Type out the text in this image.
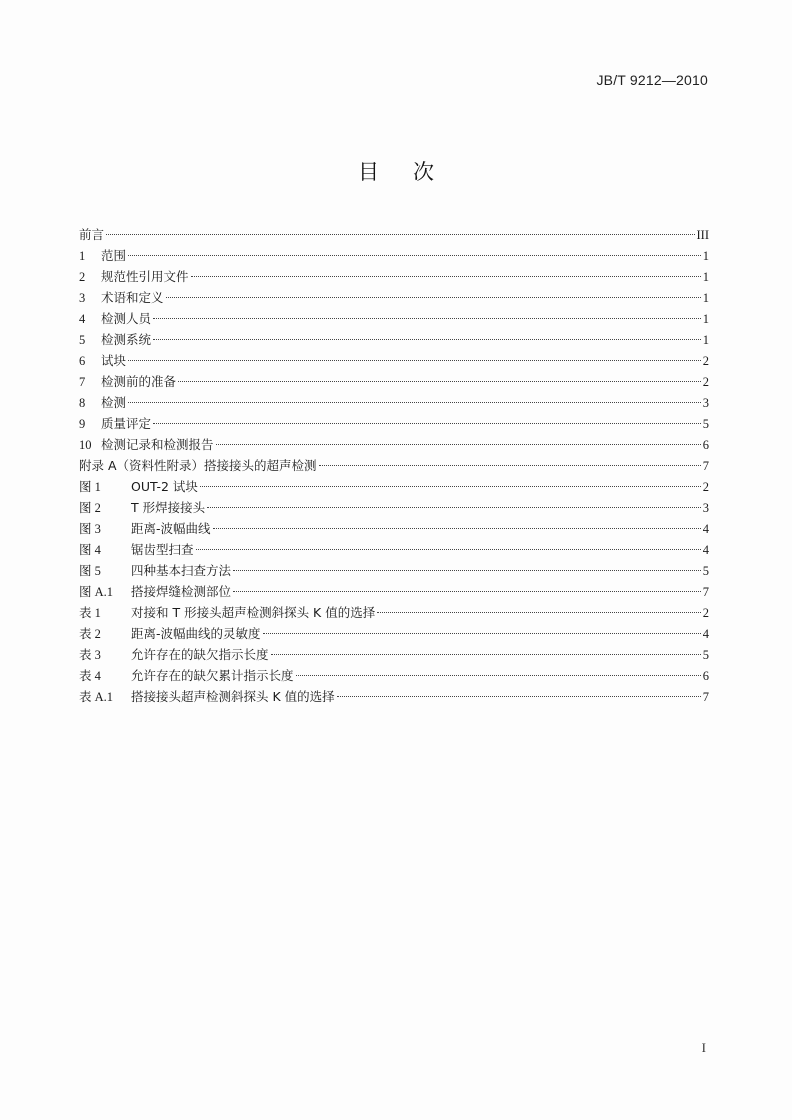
JB/T 9212—2010
目次
前言	III
1 范围	1
2 规范性引用文件	1
3 术语和定义	1
4 检测人员	1
5 检测系统	1
6 试块	2
7 检测前的准备	2
8 检测	3
9 质量评定	5
10 检测记录和检测报告	6
附录 A（资料性附录）搭接接头的超声检测	7
图 1 OUT-2 试块	2
图 2 T 形焊接接头	3
图 3 距离-波幅曲线	4
图 4 锯齿型扫查	4
图 5 四种基本扫查方法	5
图 A.1 搭接焊缝检测部位	7
表 1 对接和 T 形接头超声检测斜探头 K 值的选择	2
表 2 距离-波幅曲线的灵敏度	4
表 3 允许存在的缺欠指示长度	5
表 4 允许存在的缺欠累计指示长度	6
表 A.1 搭接接头超声检测斜探头 K 值的选择	7
I
